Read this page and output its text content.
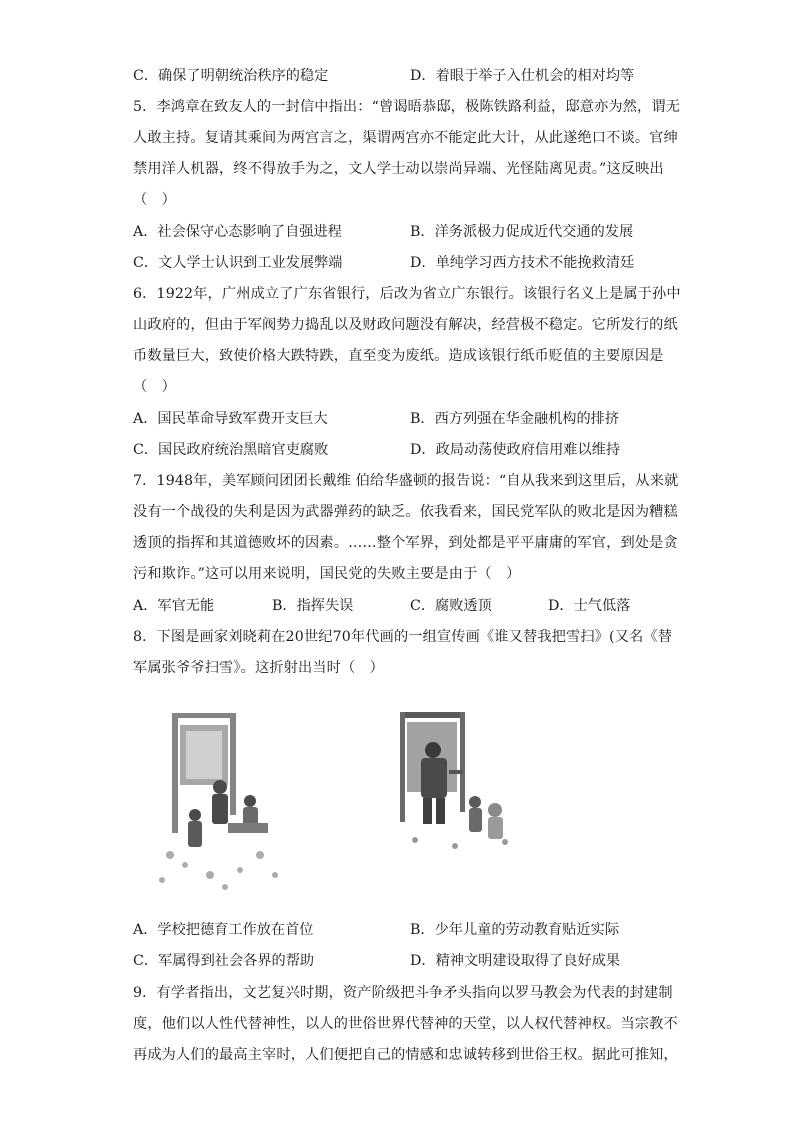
C．确保了明朝统治秩序的稳定	D．着眼于举子入仕机会的相对均等
5．李鸿章在致友人的一封信中指出：“曾谒晤恭邸，极陈铁路利益，邸意亦为然，谓无
人敢主持。复请其乘间为两宫言之，渠谓两宫亦不能定此大计，从此遂绝口不谈。官绅
禁用洋人机器，终不得放手为之，文人学士动以崇尚异端、光怪陆离见责。”这反映出
（　）
A．社会保守心态影响了自强进程	B．洋务派极力促成近代交通的发展
C．文人学士认识到工业发展弊端	D．单纯学习西方技术不能挽救清廷
6．1922年，广州成立了广东省银行，后改为省立广东银行。该银行名义上是属于孙中
山政府的，但由于军阀势力捣乱以及财政问题没有解决，经营极不稳定。它所发行的纸
币数量巨大，致使价格大跌特跌，直至变为废纸。造成该银行纸币贬值的主要原因是
（　）
A．国民革命导致军费开支巨大	B．西方列强在华金融机构的排挤
C．国民政府统治黑暗官吏腐败	D．政局动荡使政府信用难以维持
7．1948年，美军顾问团团长戴维 伯给华盛顿的报告说：“自从我来到这里后，从来就
没有一个战役的失利是因为武器弹药的缺乏。依我看来，国民党军队的败北是因为糟糕
透顶的指挥和其道德败坏的因素。……整个军界，到处都是平平庸庸的军官，到处是贪
污和欺诈。”这可以用来说明，国民党的失败主要是由于（　）
A．军官无能	B．指挥失误	C．腐败透顶	D．士气低落
8．下图是画家刘晓莉在20世纪70年代画的一组宣传画《谁又替我把雪扫》(又名《替
军属张爷爷扫雪》。这折射出当时（　）
A．学校把德育工作放在首位	B．少年儿童的劳动教育贴近实际
C．军属得到社会各界的帮助	D．精神文明建设取得了良好成果
9．有学者指出，文艺复兴时期，资产阶级把斗争矛头指向以罗马教会为代表的封建制
度，他们以人性代替神性，以人的世俗世界代替神的天堂，以人权代替神权。当宗教不
再成为人们的最高主宰时，人们便把自己的情感和忠诚转移到世俗王权。据此可推知，
